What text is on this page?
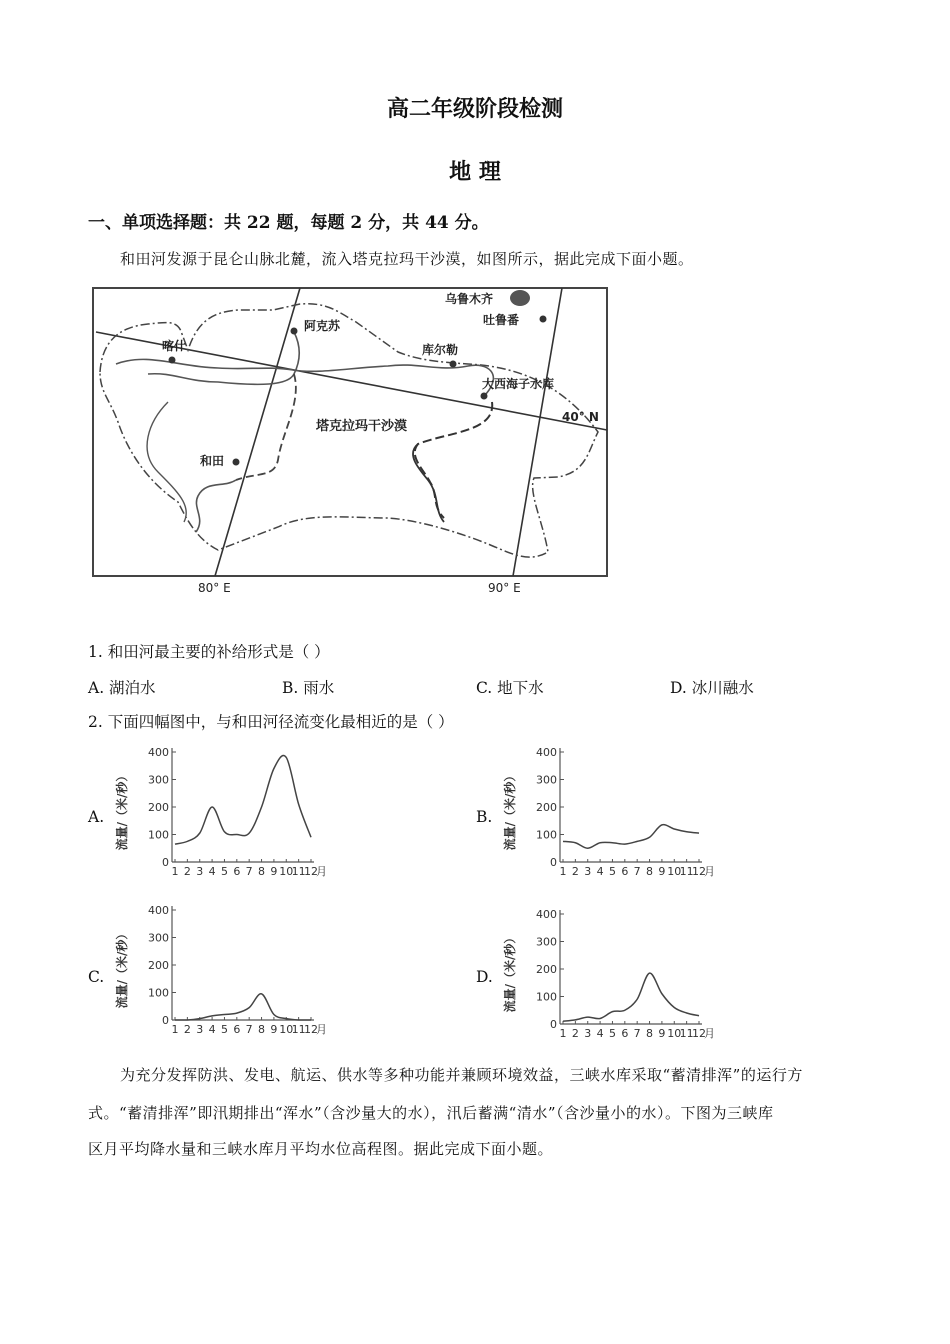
高二年级阶段检测
地 理
一、单项选择题：共 22 题，每题 2 分，共 44 分。
和田河发源于昆仑山脉北麓，流入塔克拉玛干沙漠，如图所示，据此完成下面小题。
乌鲁木齐
吐鲁番
阿克苏
喀什	库尔勒
大西海子水库
40° N
塔克拉玛干沙漠
和田
80° E	90° E
1. 和田河最主要的补给形式是（ ）
A. 湖泊水	B. 雨水	C. 地下水	D. 冰川融水
2. 下面四幅图中，与和田河径流变化最相近的是（ ）
A.	B.
C.	D.
流量/（米/秒）
400
300
200
100
0
1 2 3 4 5 6 7 8 9 10
11
12
月
流量/（米/秒）
400
300
200
100
0
1 2 3 4 5 6 7 8 9 10
11
12
月
流量/（米/秒）
400
300
200
100
0
1 2 3 4 5 6 7 8 9 10
11
12
月
流量/（米/秒）
400
300
200
100
0
1 2 3 4 5 6 7 8 9 10
11
12
月
为充分发挥防洪、发电、航运、供水等多种功能并兼顾环境效益，三峡水库采取“蓄清排浑”的运行方
式。“蓄清排浑”即汛期排出“浑水”（含沙量大的水），汛后蓄满“清水”（含沙量小的水）。下图为三峡库
区月平均降水量和三峡水库月平均水位高程图。据此完成下面小题。
